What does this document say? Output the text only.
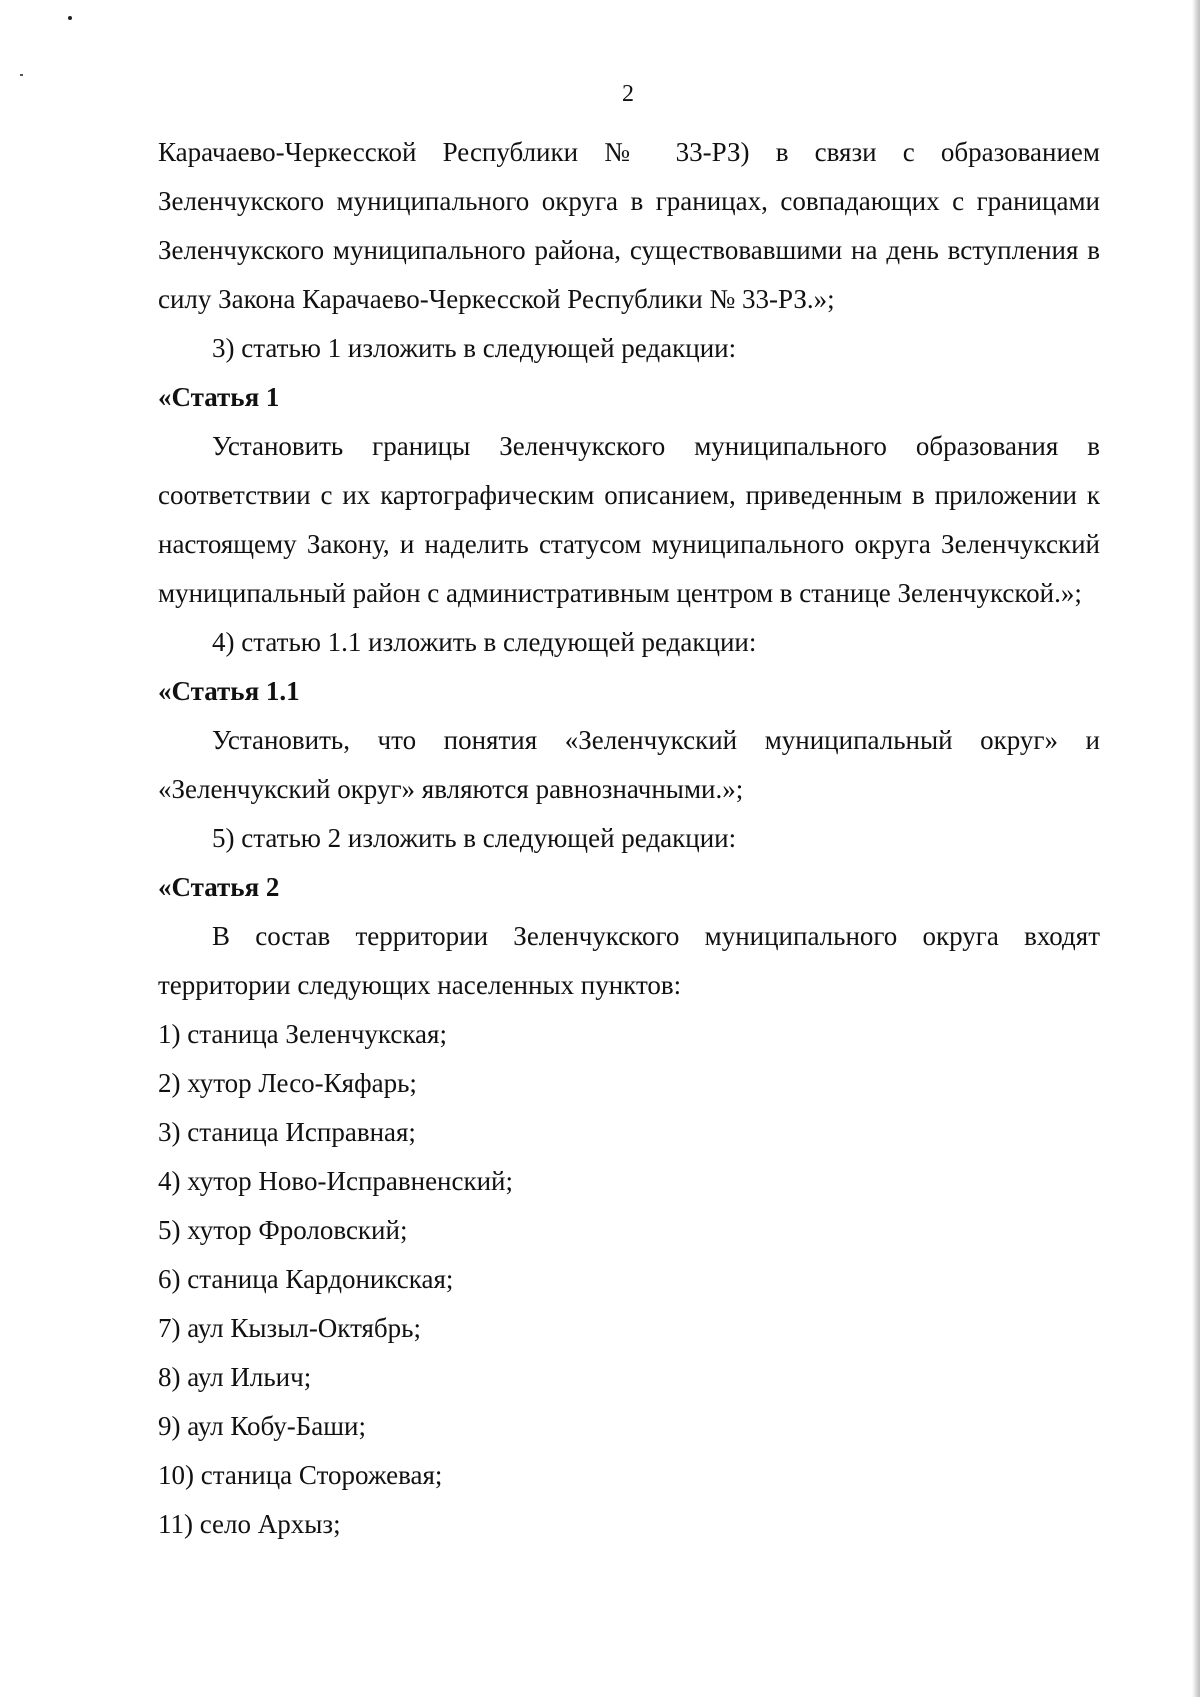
2

Карачаево-Черкесской Республики № 33-РЗ) в связи с образованием

Зеленчукского муниципального округа в границах, совпадающих с границами Зеленчукского муниципального района, существовавшими на день вступления в силу Закона Карачаево-Черкесской Республики № 33-РЗ.»;

3) статью 1 изложить в следующей редакции:

«Статья 1

Установить границы Зеленчукского муниципального образования в соответствии с их картографическим описанием, приведенным в приложении к настоящему Закону, и наделить статусом муниципального округа Зеленчукский муниципальный район с административным центром в станице Зеленчукской.»;

4) статью 1.1 изложить в следующей редакции:

«Статья 1.1

Установить, что понятия «Зеленчукский муниципальный округ» и «Зеленчукский округ» являются равнозначными.»;

5) статью 2 изложить в следующей редакции:

«Статья 2

В состав территории Зеленчукского муниципального округа входят территории следующих населенных пунктов:

1) станица Зеленчукская;

2) хутор Лесо-Кяфарь;

3) станица Исправная;

4) хутор Ново-Исправненский;

5) хутор Фроловский;

6) станица Кардоникская;

7) аул Кызыл-Октябрь;

8) аул Ильич;

9) аул Кобу-Баши;

10) станица Сторожевая;

11) село Архыз;
